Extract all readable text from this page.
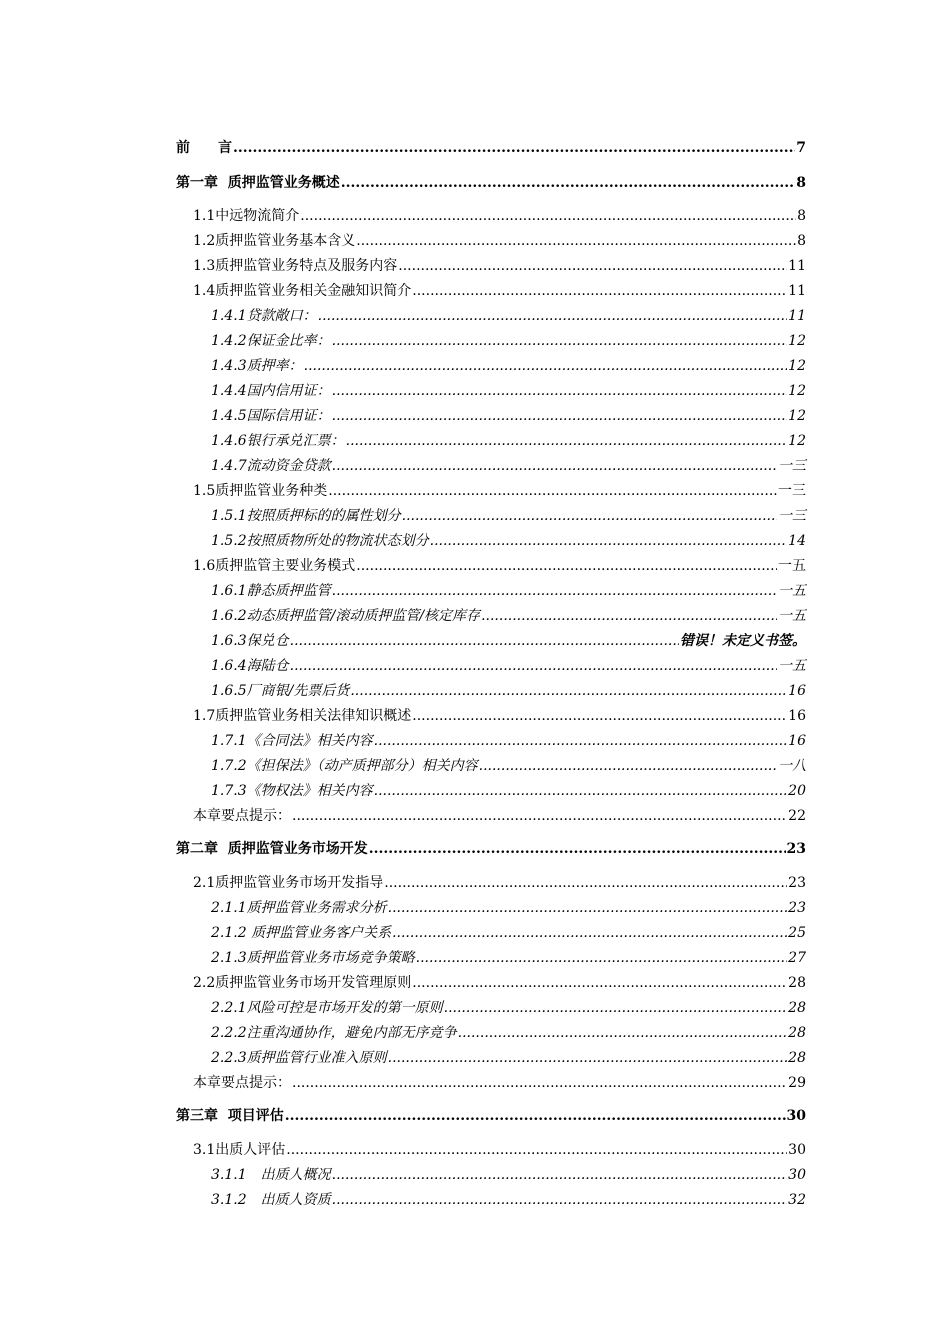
前　　言 .....	7
第一章  质押监管业务概述 .....	8
1.1中远物流简介 .....	8
1.2质押监管业务基本含义 .....	8
1.3质押监管业务特点及服务内容 .....	11
1.4质押监管业务相关金融知识简介 .....	11
1.4.1贷款敞口： .....	11
1.4.2保证金比率： .....	12
1.4.3质押率： .....	12
1.4.4国内信用证： .....	12
1.4.5国际信用证： .....	12
1.4.6银行承兑汇票： .....	12
1.4.7流动资金贷款 .....	一三
1.5质押监管业务种类 .....	一三
1.5.1按照质押标的的属性划分 .....	一三
1.5.2按照质物所处的物流状态划分 .....	14
1.6质押监管主要业务模式 .....	一五
1.6.1静态质押监管 .....	一五
1.6.2动态质押监管/滚动质押监管/核定库存 .....	一五
1.6.3保兑仓 .....	错误！未定义书签。
1.6.4海陆仓 .....	一五
1.6.5厂商银/先票后货 .....	16
1.7质押监管业务相关法律知识概述 .....	16
1.7.1《合同法》相关内容 .....	16
1.7.2《担保法》（动产质押部分）相关内容 .....	一八
1.7.3《物权法》相关内容 .....	20
本章要点提示： .....	22
第二章  质押监管业务市场开发 .....	23
2.1质押监管业务市场开发指导 .....	23
2.1.1质押监管业务需求分析 .....	23
2.1.2 质押监管业务客户关系 .....	25
2.1.3质押监管业务市场竞争策略 .....	27
2.2质押监管业务市场开发管理原则 .....	28
2.2.1风险可控是市场开发的第一原则 .....	28
2.2.2注重沟通协作，避免内部无序竞争 .....	28
2.2.3质押监管行业准入原则 .....	28
本章要点提示： .....	29
第三章  项目评估 .....	30
3.1出质人评估 .....	30
3.1.1　出质人概况 .....	30
3.1.2　出质人资质 .....	32
